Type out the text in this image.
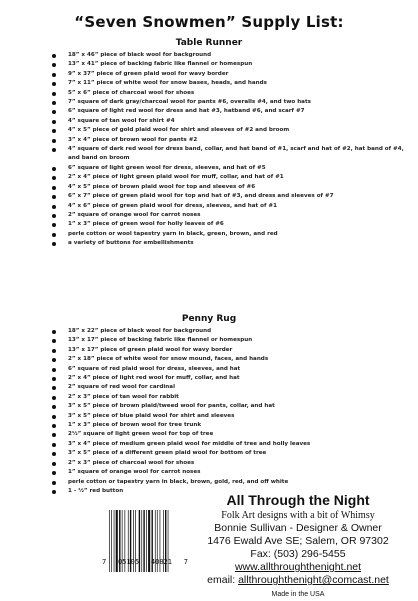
“Seven Snowmen” Supply List:
Table Runner
18” x 46” piece of black wool for background
13” x 41” piece of backing fabric like flannel or homespun
9” x 37” piece of green plaid wool for wavy border
7” x 11” piece of white wool for snow bases, heads, and hands
5” x 6” piece of charcoal wool for shoes
7” square of dark gray/charcoal wool for pants #6, overalls #4, and two hats
6” square of light red wool for dress and hat #3, hatband #6, and scarf #7
4” square of tan wool for shirt #4
4” x 5” piece of gold plaid wool for shirt and sleeves of #2 and broom
3” x 4” piece of brown wool for pants #2
4” square of dark red wool for dress band, collar, and hat band of #1, scarf and hat of #2, hat band of #4, and band on broom
6” square of light green wool for dress, sleeves, and hat of #5
2” x 4” piece of light green plaid wool for muff, collar, and hat of #1
4” x 5” piece of brown plaid wool for top and sleeves of #6
6” x 7” piece of green plaid wool for top and hat of #3, and dress and sleeves of #7
4” x 6” piece of green plaid wool for dress, sleeves, and hat of #1
2” square of orange wool for carrot noses
1” x 3” piece of green wool for holly leaves of #6
perle cotton or wool tapestry yarn in black, green, brown, and red
a variety of buttons for embellishments
Penny Rug
18” x 22” piece of black wool for background
13” x 17” piece of backing fabric like flannel or homespun
13” x 17” piece of green plaid wool for wavy border
2” x 18” piece of white wool for snow mound, faces, and hands
6” square of red plaid wool for dress, sleeves, and hat
2” x 4” piece of light red wool for muff, collar, and hat
2” square of red wool for cardinal
2” x 3” piece of tan wool for rabbit
3” x 5” piece of brown plaid/tweed wool for pants, collar, and hat
3” x 5” piece of blue plaid wool for shirt and sleeves
1” x 3” piece of brown wool for tree trunk
2½” square of light green wool for top of tree
3” x 4” piece of medium green plaid wool for middle of tree and holly leaves
3” x 5” piece of a different green plaid wool for bottom of tree
2” x 3” piece of charcoal wool for shoes
1” square of orange wool for carrot noses
perle cotton or tapestry yarn in black, brown, gold, red, and off white
1 - ½” red button
7 05105 40821 7
All Through the Night
Folk Art designs with a bit of Whimsy
Bonnie Sullivan - Designer & Owner
1476 Ewald Ave SE; Salem, OR 97302
Fax: (503) 296-5455
www.allthroughthenight.net
email: allthroughthenight@comcast.net
Made in the USA
